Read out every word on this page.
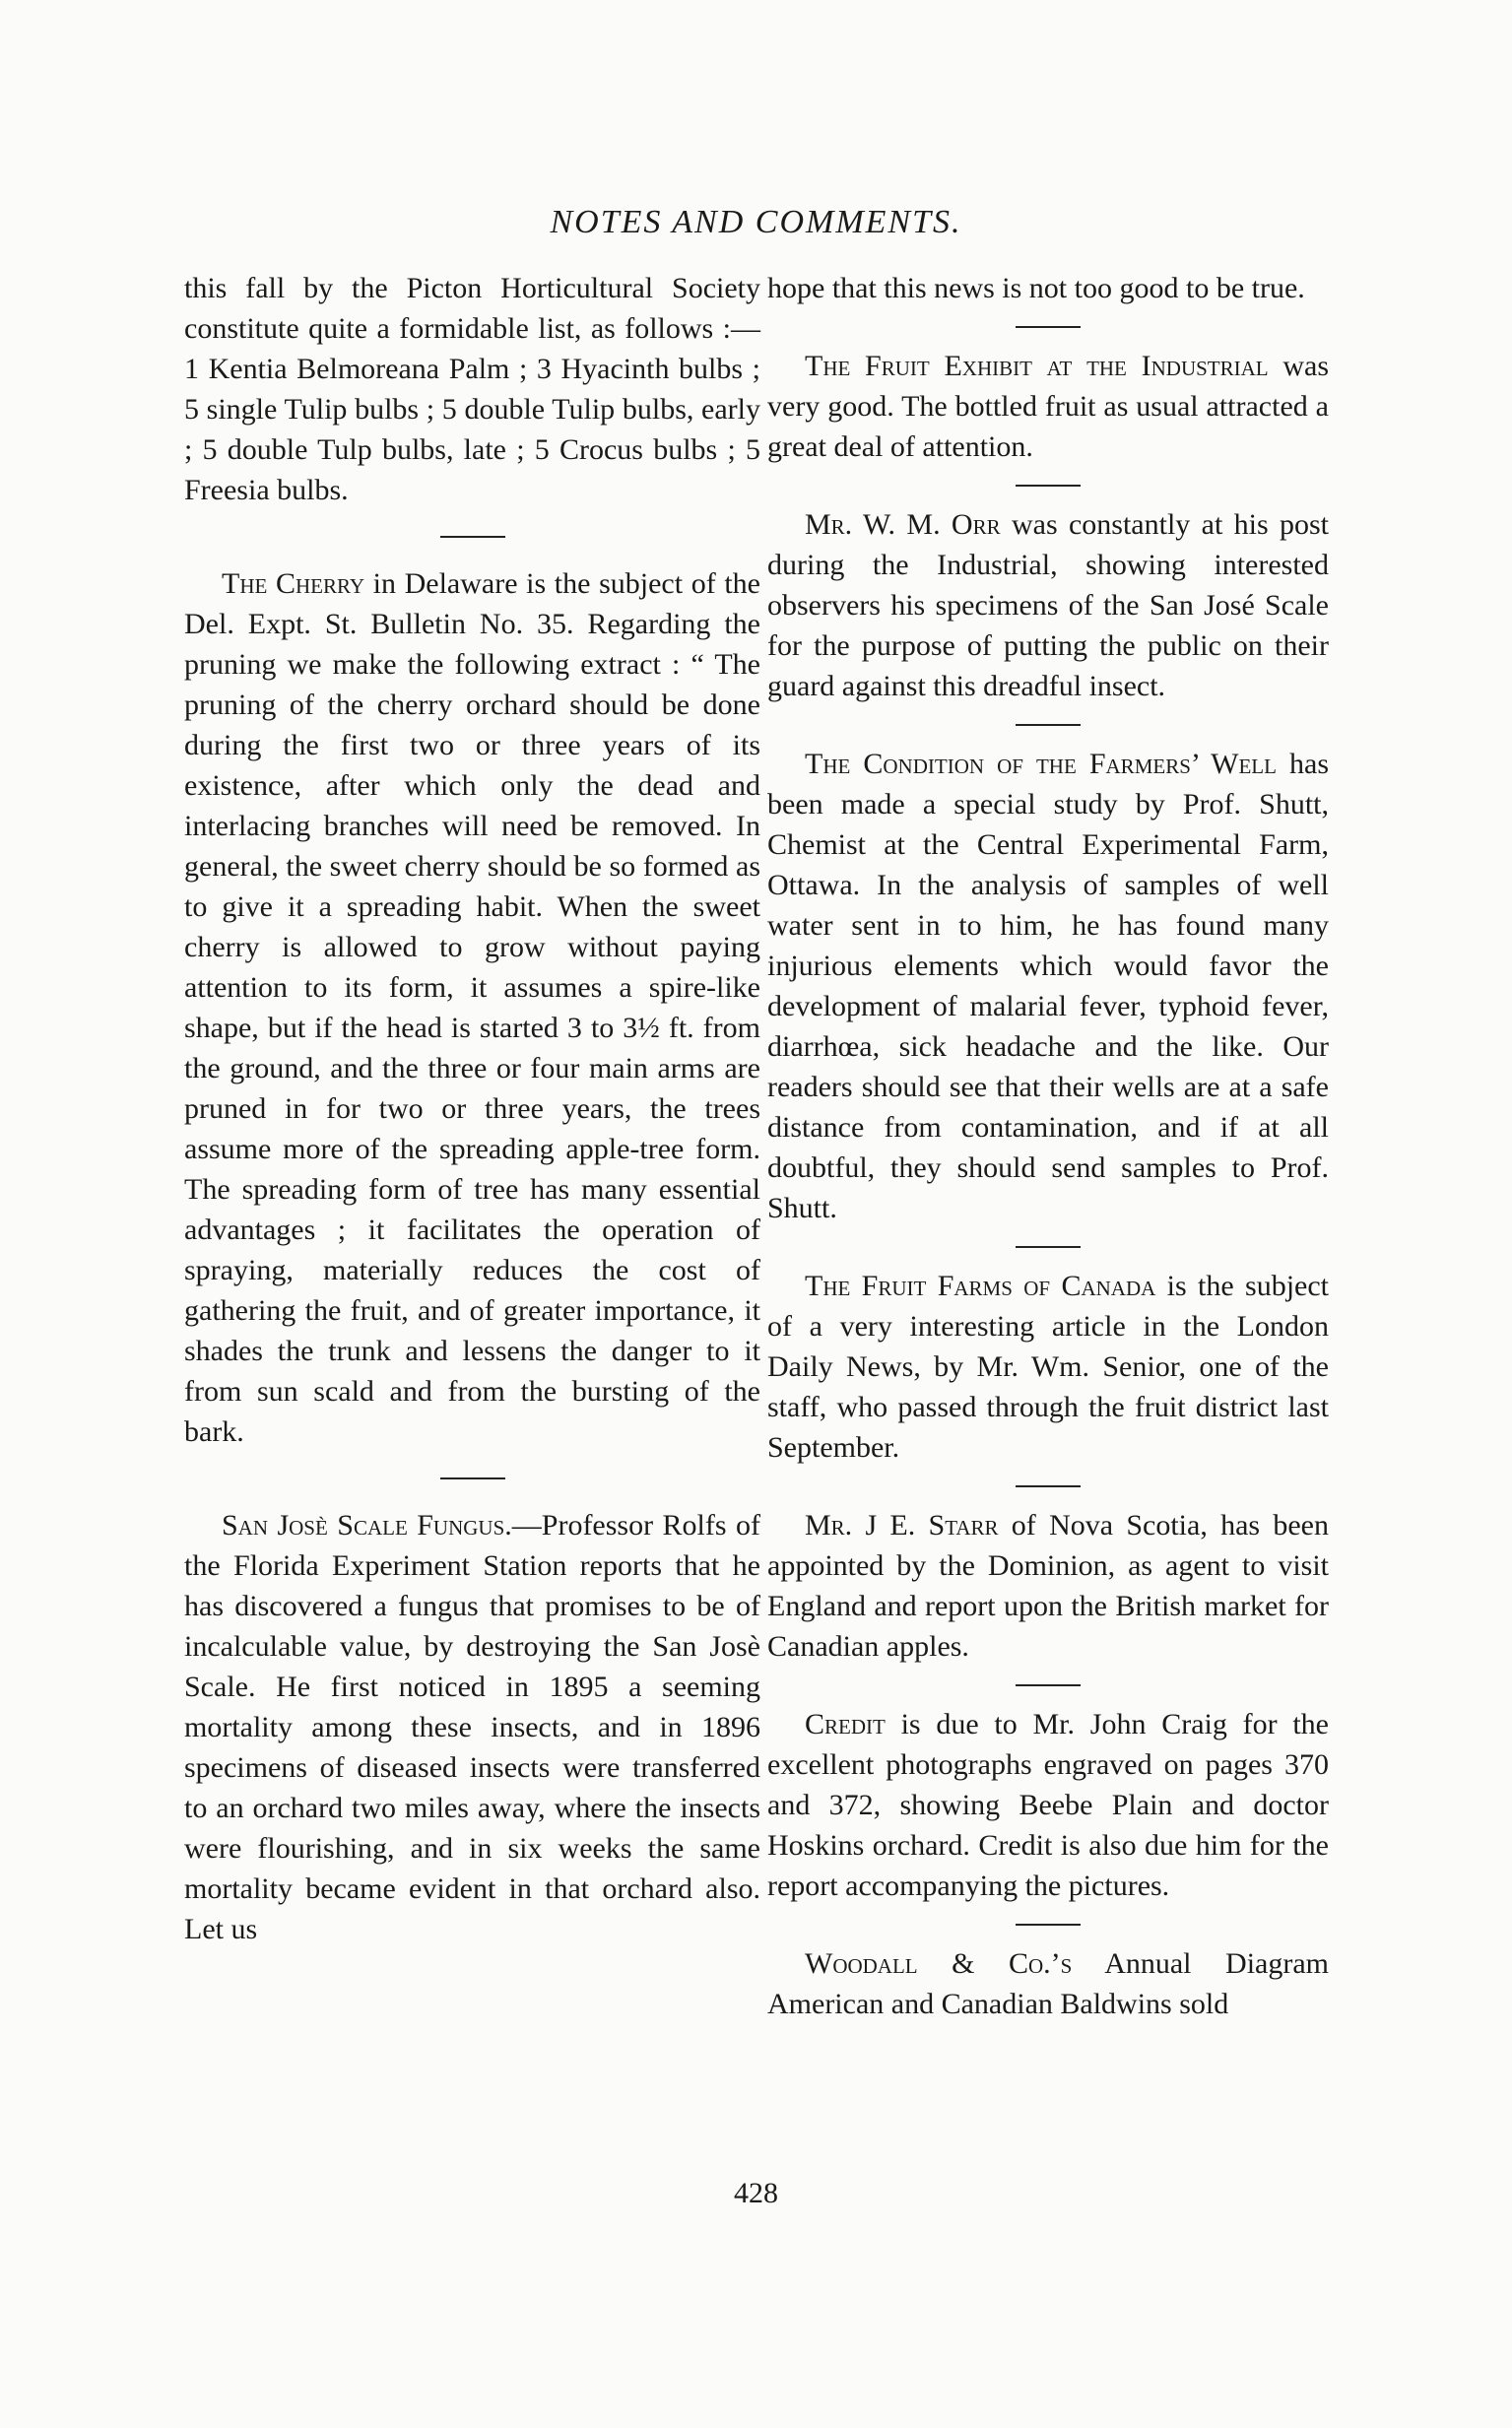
NOTES AND COMMENTS.

this fall by the Picton Horticultural Society constitute quite a formidable list, as follows :—1 Kentia Belmoreana Palm ; 3 Hyacinth bulbs ; 5 single Tulip bulbs ; 5 double Tulip bulbs, early ; 5 double Tulp bulbs, late ; 5 Crocus bulbs ; 5 Freesia bulbs.

The Cherry in Delaware is the subject of the Del. Expt. St. Bulletin No. 35. Regarding the pruning we make the following extract : “ The pruning of the cherry orchard should be done during the first two or three years of its existence, after which only the dead and interlacing branches will need be removed. In general, the sweet cherry should be so formed as to give it a spreading habit. When the sweet cherry is allowed to grow without paying attention to its form, it assumes a spire-like shape, but if the head is started 3 to 3½ ft. from the ground, and the three or four main arms are pruned in for two or three years, the trees assume more of the spreading apple-tree form. The spreading form of tree has many essential advantages ; it facilitates the operation of spraying, materially reduces the cost of gathering the fruit, and of greater importance, it shades the trunk and lessens the danger to it from sun scald and from the bursting of the bark.

San Josè Scale Fungus.—Professor Rolfs of the Florida Experiment Station reports that he has discovered a fungus that promises to be of incalculable value, by destroying the San Josè Scale. He first noticed in 1895 a seeming mortality among these insects, and in 1896 specimens of diseased insects were transferred to an orchard two miles away, where the insects were flourishing, and in six weeks the same mortality became evident in that orchard also. Let us

hope that this news is not too good to be true.

The Fruit Exhibit at the Industrial was very good. The bottled fruit as usual attracted a great deal of attention.

Mr. W. M. Orr was constantly at his post during the Industrial, showing interested observers his specimens of the San José Scale for the purpose of putting the public on their guard against this dreadful insect.

The Condition of the Farmers’ Well has been made a special study by Prof. Shutt, Chemist at the Central Experimental Farm, Ottawa. In the analysis of samples of well water sent in to him, he has found many injurious elements which would favor the development of malarial fever, typhoid fever, diarrhœa, sick headache and the like. Our readers should see that their wells are at a safe distance from contamination, and if at all doubtful, they should send samples to Prof. Shutt.

The Fruit Farms of Canada is the subject of a very interesting article in the London Daily News, by Mr. Wm. Senior, one of the staff, who passed through the fruit district last September.

Mr. J E. Starr of Nova Scotia, has been appointed by the Dominion, as agent to visit England and report upon the British market for Canadian apples.

Credit is due to Mr. John Craig for the excellent photographs engraved on pages 370 and 372, showing Beebe Plain and doctor Hoskins orchard. Credit is also due him for the report accompanying the pictures.

Woodall & Co.’s Annual Diagram American and Canadian Baldwins sold

428
